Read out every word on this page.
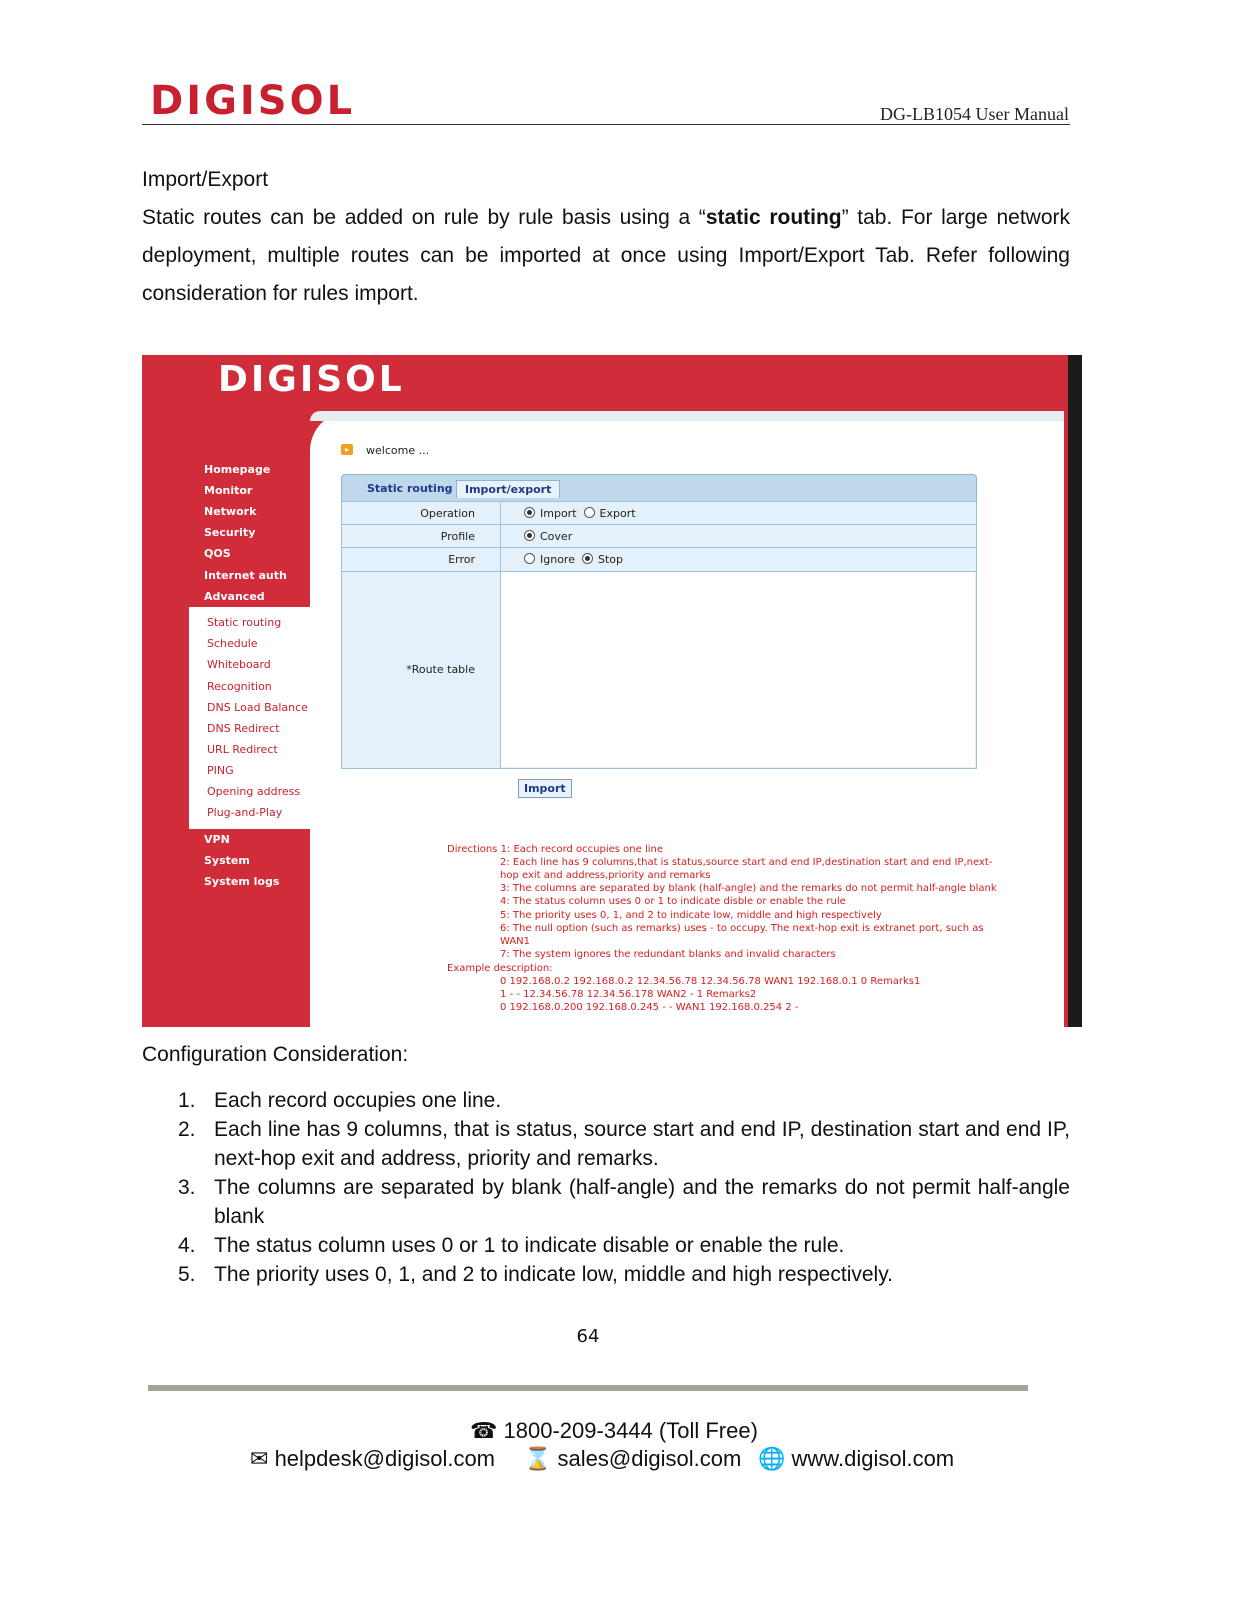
DIGISOL	DG-LB1054 User Manual
Import/Export
Static routes can be added on rule by rule basis using a “static routing” tab. For large network deployment, multiple routes can be imported at once using Import/Export Tab. Refer following consideration for rules import.
DIGISOL
Homepage
Monitor
Network
Security
QOS
Internet auth
Advanced
Static routing
Schedule
Whiteboard
Recognition
DNS Load Balance
DNS Redirect
URL Redirect
PING
Opening address
Plug-and-Play
VPN
System
System logs
▸	welcome ...
Static routing	Import/export
Operation	Import Export
Profile	Cover
Error	Ignore Stop
*Route table
Import
Directions 1: Each record occupies one line
2: Each line has 9 columns,that is status,source start and end IP,destination start and end IP,next-
hop exit and address,priority and remarks
3: The columns are separated by blank (half-angle) and the remarks do not permit half-angle blank
4: The status column uses 0 or 1 to indicate disble or enable the rule
5: The priority uses 0, 1, and 2 to indicate low, middle and high respectively
6: The null option (such as remarks) uses - to occupy. The next-hop exit is extranet port, such as
WAN1
7: The system ignores the redundant blanks and invalid characters
Example description:
0 192.168.0.2 192.168.0.2 12.34.56.78 12.34.56.78 WAN1 192.168.0.1 0 Remarks1
1 - - 12.34.56.78 12.34.56.178 WAN2 - 1 Remarks2
0 192.168.0.200 192.168.0.245 - - WAN1 192.168.0.254 2 -
Configuration Consideration:
1. Each record occupies one line.
2. Each line has 9 columns, that is status, source start and end IP, destination start and end IP, next-hop exit and address, priority and remarks.
3. The columns are separated by blank (half-angle) and the remarks do not permit half-angle blank
4. The status column uses 0 or 1 to indicate disable or enable the rule.
5. The priority uses 0, 1, and 2 to indicate low, middle and high respectively.
64
☎ 1800-209-3444 (Toll Free)
✉ helpdesk@digisol.com ⌛ sales@digisol.com 🌐 www.digisol.com
